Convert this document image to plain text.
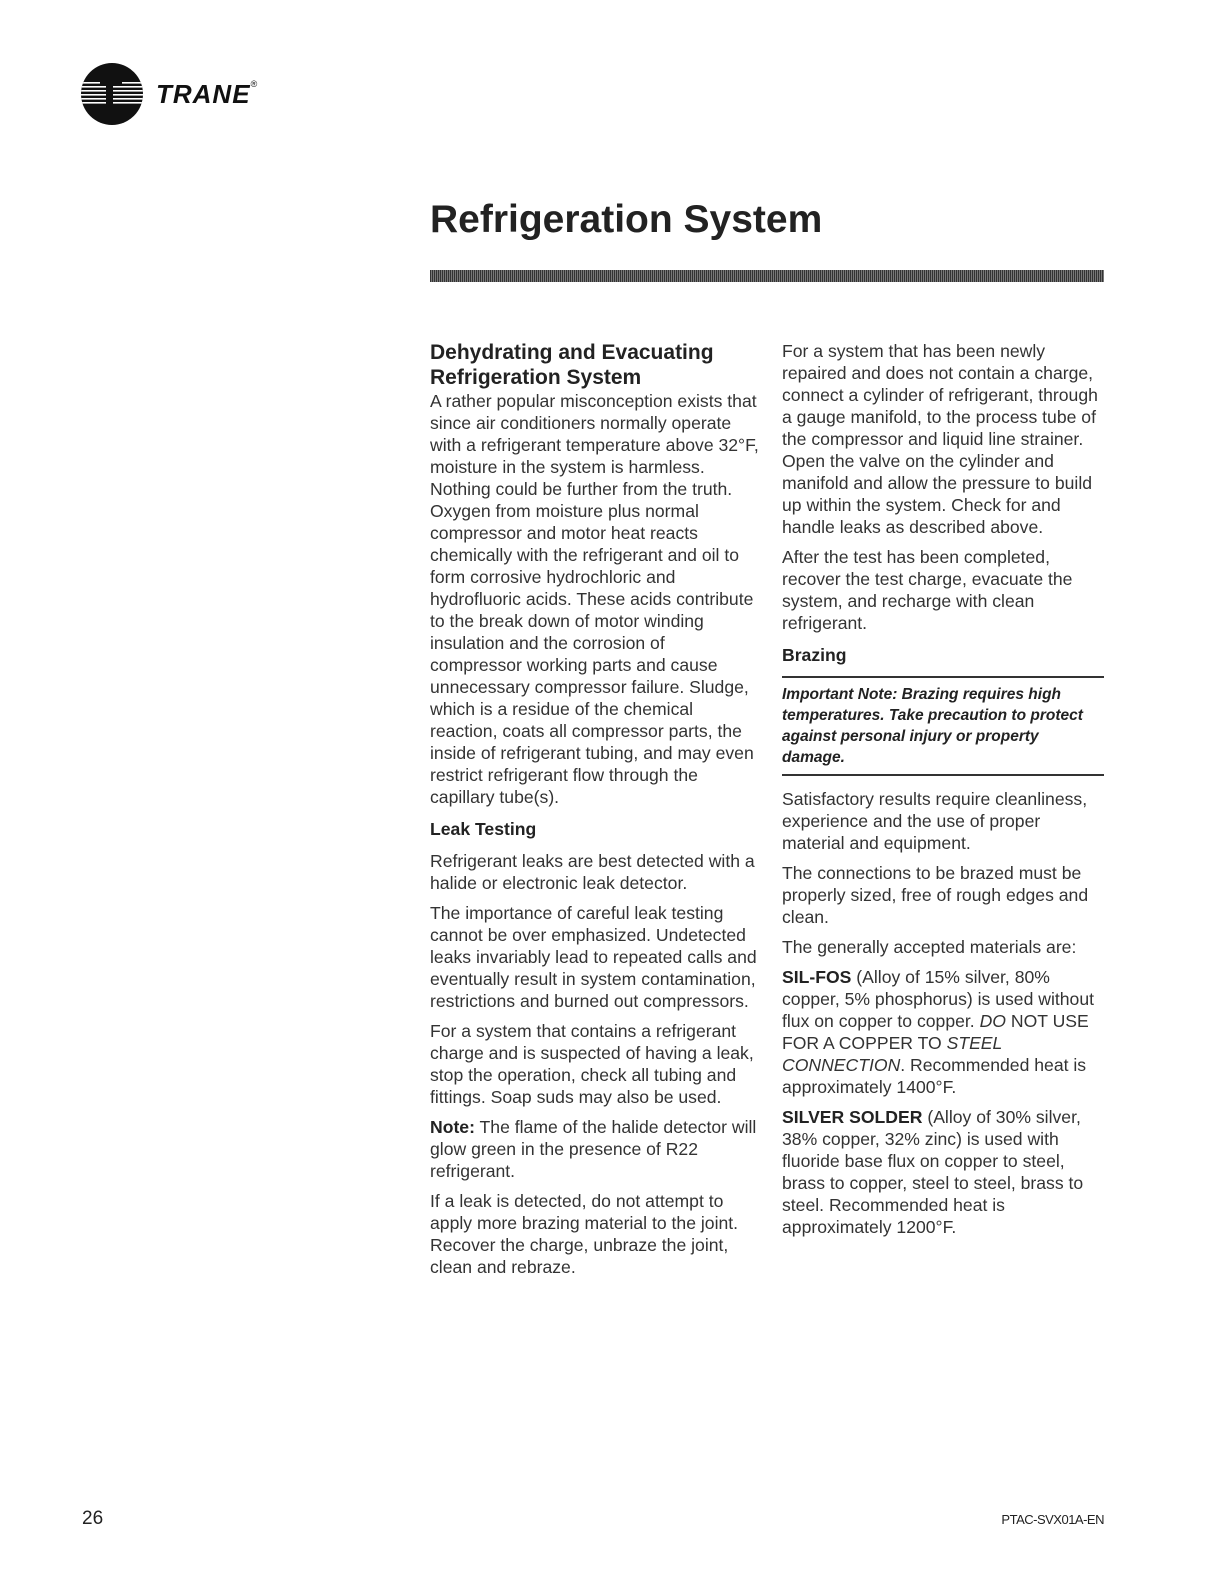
TRANE®
Refrigeration System
Dehydrating and Evacuating Refrigeration System

A rather popular misconception exists that since air conditioners normally operate with a refrigerant temperature above 32°F, moisture in the system is harmless. Nothing could be further from the truth. Oxygen from moisture plus normal compressor and motor heat reacts chemically with the refrigerant and oil to form corrosive hydrochloric and hydrofluoric acids. These acids contribute to the break down of motor winding insulation and the corrosion of compressor working parts and cause unnecessary compressor failure. Sludge, which is a residue of the chemical reaction, coats all compressor parts, the inside of refrigerant tubing, and may even restrict refrigerant flow through the capillary tube(s).

Leak Testing

Refrigerant leaks are best detected with a halide or electronic leak detector.

The importance of careful leak testing cannot be over emphasized. Undetected leaks invariably lead to repeated calls and eventually result in system contamination, restrictions and burned out compressors.

For a system that contains a refrigerant charge and is suspected of having a leak, stop the operation, check all tubing and fittings. Soap suds may also be used.

Note: The flame of the halide detector will glow green in the presence of R22 refrigerant.

If a leak is detected, do not attempt to apply more brazing material to the joint. Recover the charge, unbraze the joint, clean and rebraze.

For a system that has been newly repaired and does not contain a charge, connect a cylinder of refrigerant, through a gauge manifold, to the process tube of the compressor and liquid line strainer. Open the valve on the cylinder and manifold and allow the pressure to build up within the system. Check for and handle leaks as described above.

After the test has been completed, recover the test charge, evacuate the system, and recharge with clean refrigerant.

Brazing
Important Note: Brazing requires high temperatures. Take precaution to protect against personal injury or property damage.

Satisfactory results require cleanliness, experience and the use of proper material and equipment.

The connections to be brazed must be properly sized, free of rough edges and clean.

The generally accepted materials are:

SIL-FOS (Alloy of 15% silver, 80% copper, 5% phosphorus) is used without flux on copper to copper. DO NOT USE FOR A COPPER TO STEEL CONNECTION. Recommended heat is approximately 1400°F.

SILVER SOLDER (Alloy of 30% silver, 38% copper, 32% zinc) is used with fluoride base flux on copper to steel, brass to copper, steel to steel, brass to steel. Recommended heat is approximately 1200°F.

26	PTAC-SVX01A-EN
